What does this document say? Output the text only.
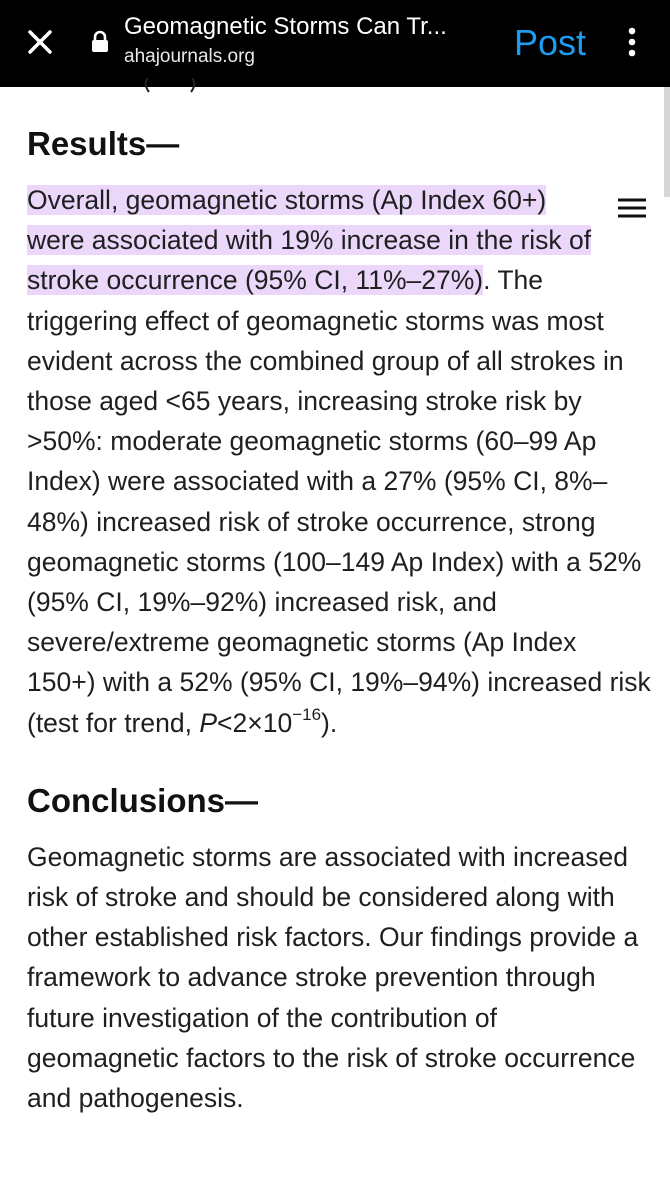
Geomagnetic Storms Can Tr...
ahajournals.org	Post
Results—

Overall, geomagnetic storms (Ap Index 60+)
were associated with 19% increase in the risk of
stroke occurrence (95% CI, 11%–27%). The triggering effect of geomagnetic storms was most evident across the combined group of all strokes in those aged <65 years, increasing stroke risk by >50%: moderate geomagnetic storms (60–99 Ap Index) were associated with a 27% (95% CI, 8%–48%) increased risk of stroke occurrence, strong geomagnetic storms (100–149 Ap Index) with a 52% (95% CI, 19%–92%) increased risk, and severe/extreme geomagnetic storms (Ap Index 150+) with a 52% (95% CI, 19%–94%) increased risk (test for trend, $P<2\times 10^{-16}$).

Conclusions—

Geomagnetic storms are associated with increased risk of stroke and should be considered along with other established risk factors. Our findings provide a framework to advance stroke prevention through future investigation of the contribution of geomagnetic factors to the risk of stroke occurrence and pathogenesis.
